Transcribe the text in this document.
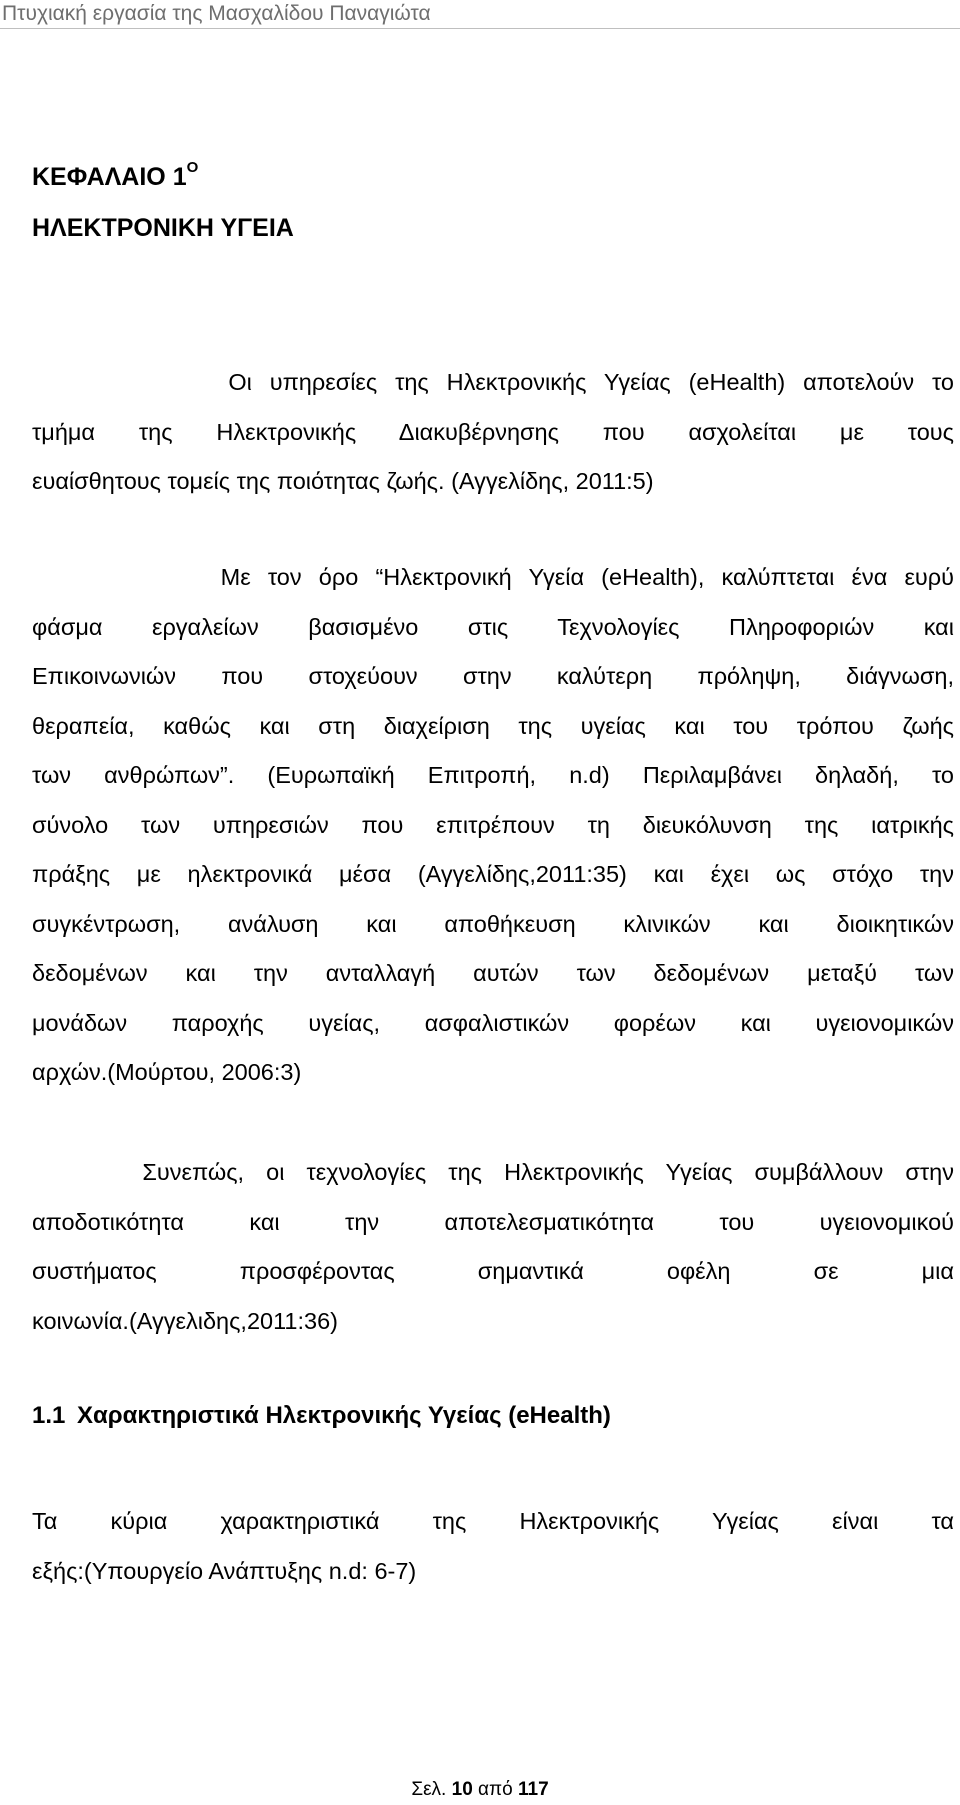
Πτυχιακή εργασία της Μασχαλίδου Παναγιώτα
ΚΕΦΑΛΑΙΟ $1^O$
ΗΛΕΚΤΡΟΝΙΚΗ ΥΓΕΙΑ
Οι υπηρεσίες της Ηλεκτρονικής Υγείας (eHealth) αποτελούν το
τμήμα της Ηλεκτρονικής Διακυβέρνησης που ασχολείται με τους
ευαίσθητους τομείς της ποιότητας ζωής. (Αγγελίδης, 2011:5)
Με τον όρο “Ηλεκτρονική Υγεία (eHealth), καλύπτεται ένα ευρύ
φάσμα εργαλείων βασισμένο στις Τεχνολογίες Πληροφοριών και
Επικοινωνιών που στοχεύουν στην καλύτερη πρόληψη, διάγνωση,
θεραπεία, καθώς και στη διαχείριση της υγείας και του τρόπου ζωής
των ανθρώπων”. (Ευρωπαϊκή Επιτροπή, n.d) Περιλαμβάνει δηλαδή, το
σύνολο των υπηρεσιών που επιτρέπουν τη διευκόλυνση της ιατρικής
πράξης με ηλεκτρονικά μέσα (Αγγελίδης,2011:35) και έχει ως στόχο την
συγκέντρωση, ανάλυση και αποθήκευση κλινικών και διοικητικών
δεδομένων και την ανταλλαγή αυτών των δεδομένων μεταξύ των
μονάδων παροχής υγείας, ασφαλιστικών φορέων και υγειονομικών
αρχών.(Μούρτου, 2006:3)
Συνεπώς, οι τεχνολογίες της Ηλεκτρονικής Υγείας συμβάλλουν στην
αποδοτικότητα και την αποτελεσματικότητα του υγειονομικού
συστήματος προσφέροντας σημαντικά οφέλη σε μια
κοινωνία.(Αγγελιδης,2011:36)
1.1 Χαρακτηριστικά Ηλεκτρονικής Υγείας (eHealth)
Τα κύρια χαρακτηριστικά της Ηλεκτρονικής Υγείας είναι τα
εξής:(Υπουργείο Ανάπτυξης n.d: 6-7)
Σελ. 10 από 117
